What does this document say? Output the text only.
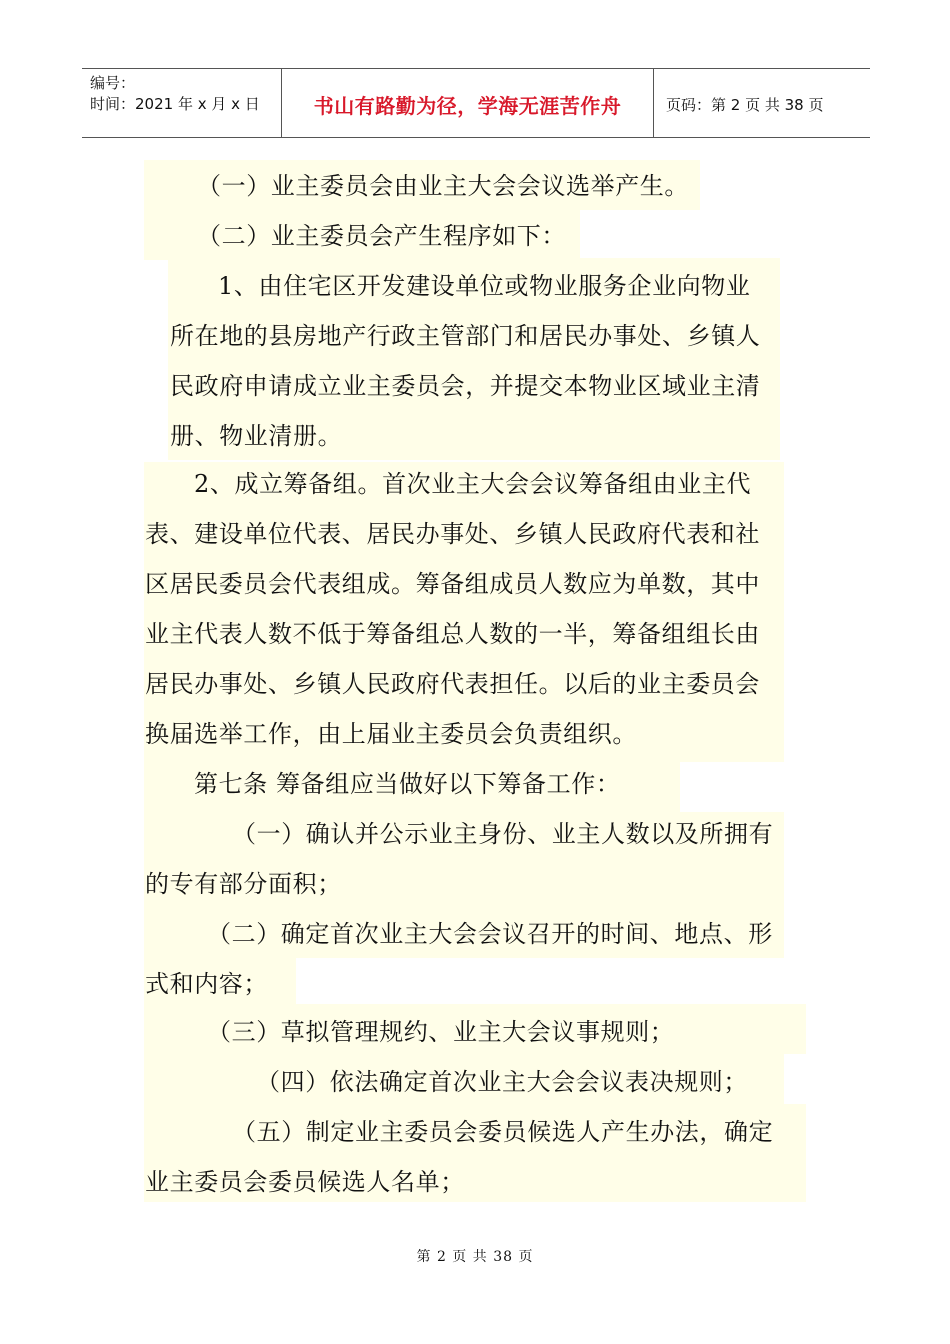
编号：
时间：2021 年 x 月 x 日	书山有路勤为径，学海无涯苦作舟	页码：第 2 页 共 38 页
（一）业主委员会由业主大会会议选举产生。
（二）业主委员会产生程序如下：
1、由住宅区开发建设单位或物业服务企业向物业
所在地的县房地产行政主管部门和居民办事处、乡镇人
民政府申请成立业主委员会，并提交本物业区域业主清
册、物业清册。
2、成立筹备组。首次业主大会会议筹备组由业主代
表、建设单位代表、居民办事处、乡镇人民政府代表和社
区居民委员会代表组成。筹备组成员人数应为单数，其中
业主代表人数不低于筹备组总人数的一半，筹备组组长由
居民办事处、乡镇人民政府代表担任。以后的业主委员会
换届选举工作，由上届业主委员会负责组织。
第七条 筹备组应当做好以下筹备工作：
（一）确认并公示业主身份、业主人数以及所拥有
的专有部分面积；
（二）确定首次业主大会会议召开的时间、地点、形
式和内容；
（三）草拟管理规约、业主大会议事规则；
（四）依法确定首次业主大会会议表决规则；
（五）制定业主委员会委员候选人产生办法，确定
业主委员会委员候选人名单；
第 2 页 共 38 页
